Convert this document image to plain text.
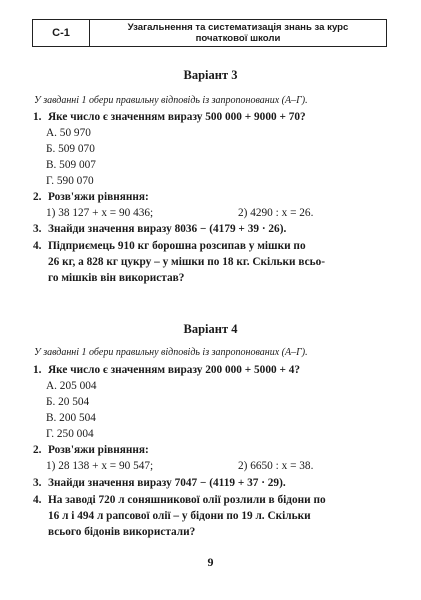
С-1	Узагальнення та систематизація знань за курс
початкової школи
Варіант 3
У завданні 1 обери правильну відповідь із запропонованих (А–Г).
1. Яке число є значенням виразу 500 000 + 9000 + 70?
А. 50 970
Б. 509 070
В. 509 007
Г. 590 070
2. Розв'яжи рівняння:
1) 38 127 + x = 90 436;	2) 4290 : x = 26.
3. Знайди значення виразу 8036 − (4179 + 39 · 26).
4. Підприємець 910 кг борошна розсипав у мішки по
26 кг, а 828 кг цукру – у мішки по 18 кг. Скільки всьо-
го мішків він використав?
Варіант 4
У завданні 1 обери правильну відповідь із запропонованих (А–Г).
1. Яке число є значенням виразу 200 000 + 5000 + 4?
А. 205 004
Б. 20 504
В. 200 504
Г. 250 004
2. Розв'яжи рівняння:
1) 28 138 + x = 90 547;	2) 6650 : x = 38.
3. Знайди значення виразу 7047 − (4119 + 37 · 29).
4. На заводі 720 л соняшникової олії розлили в бідони по
16 л і 494 л рапсової олії – у бідони по 19 л. Скільки
всього бідонів використали?
9
